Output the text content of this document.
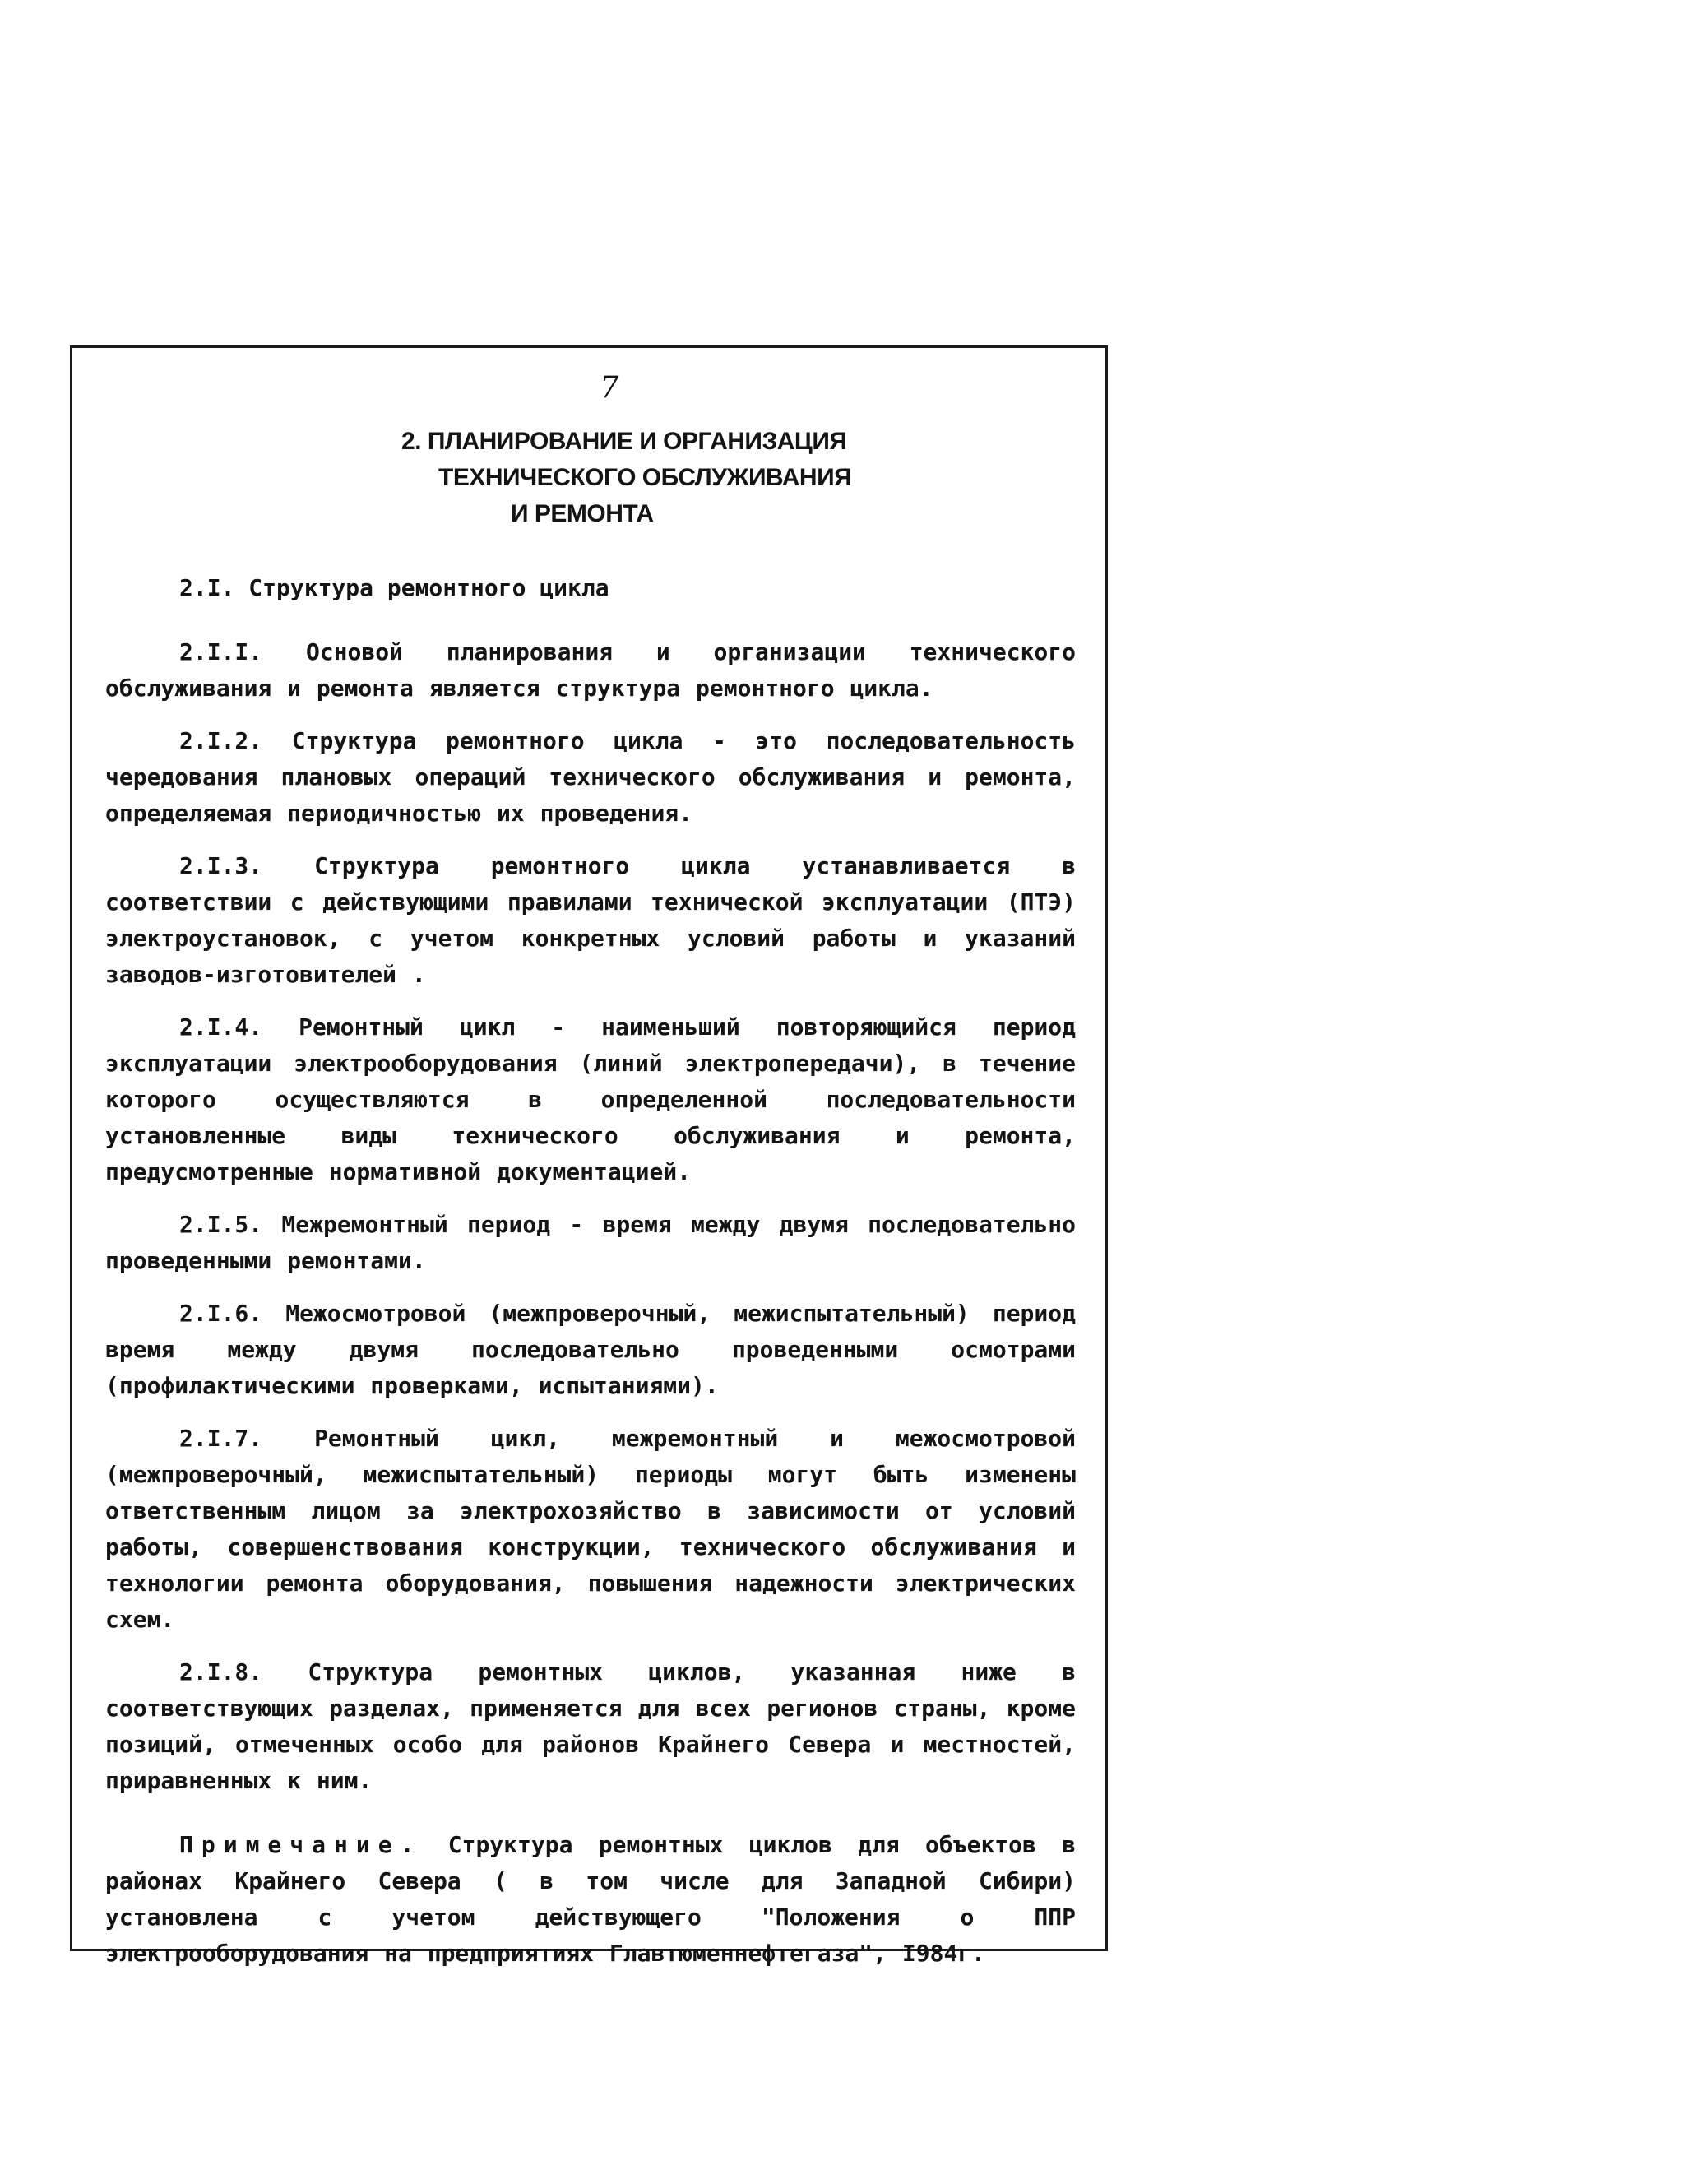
7
2. ПЛАНИРОВАНИЕ И ОРГАНИЗАЦИЯ
ТЕХНИЧЕСКОГО ОБСЛУЖИВАНИЯ
И РЕМОНТА

2.I. Структура ремонтного цикла

2.I.I. Основой планирования и организации технического обслуживания и ремонта является структура ремонтного цикла.

2.I.2. Структура ремонтного цикла - это последовательность чередования плановых операций технического обслуживания и ремонта, определяемая периодичностью их проведения.

2.I.3. Структура ремонтного цикла устанавливается в соответствии с действующими правилами технической эксплуатации (ПТЭ) электроустановок, с учетом конкретных условий работы и указаний заводов-изготовителей .

2.I.4. Ремонтный цикл - наименьший повторяющийся период эксплуатации электрооборудования (линий электропередачи), в течение которого осуществляются в определенной последовательности установленные виды технического обслуживания и ремонта, предусмотренные нормативной документацией.

2.I.5. Межремонтный период - время между двумя последовательно проведенными ремонтами.

2.I.6. Межосмотровой (межпроверочный, межиспытательный) период время между двумя последовательно проведенными осмотрами (профилактическими проверками, испытаниями).

2.I.7. Ремонтный цикл, межремонтный и межосмотровой (межпроверочный, межиспытательный) периоды могут быть изменены ответственным лицом за электрохозяйство в зависимости от условий работы, совершенствования конструкции, технического обслуживания и технологии ремонта оборудования, повышения надежности электрических схем.

2.I.8. Структура ремонтных циклов, указанная ниже в соответствующих разделах, применяется для всех регионов страны, кроме позиций, отмеченных особо для районов Крайнего Севера и местностей, приравненных к ним.

Примечание. Структура ремонтных циклов для объектов в районах Крайнего Севера ( в том числе для Западной Сибири) установлена с учетом действующего "Положения о ППР электрооборудования на предприятиях Главтюменнефтегаза", I984г.
